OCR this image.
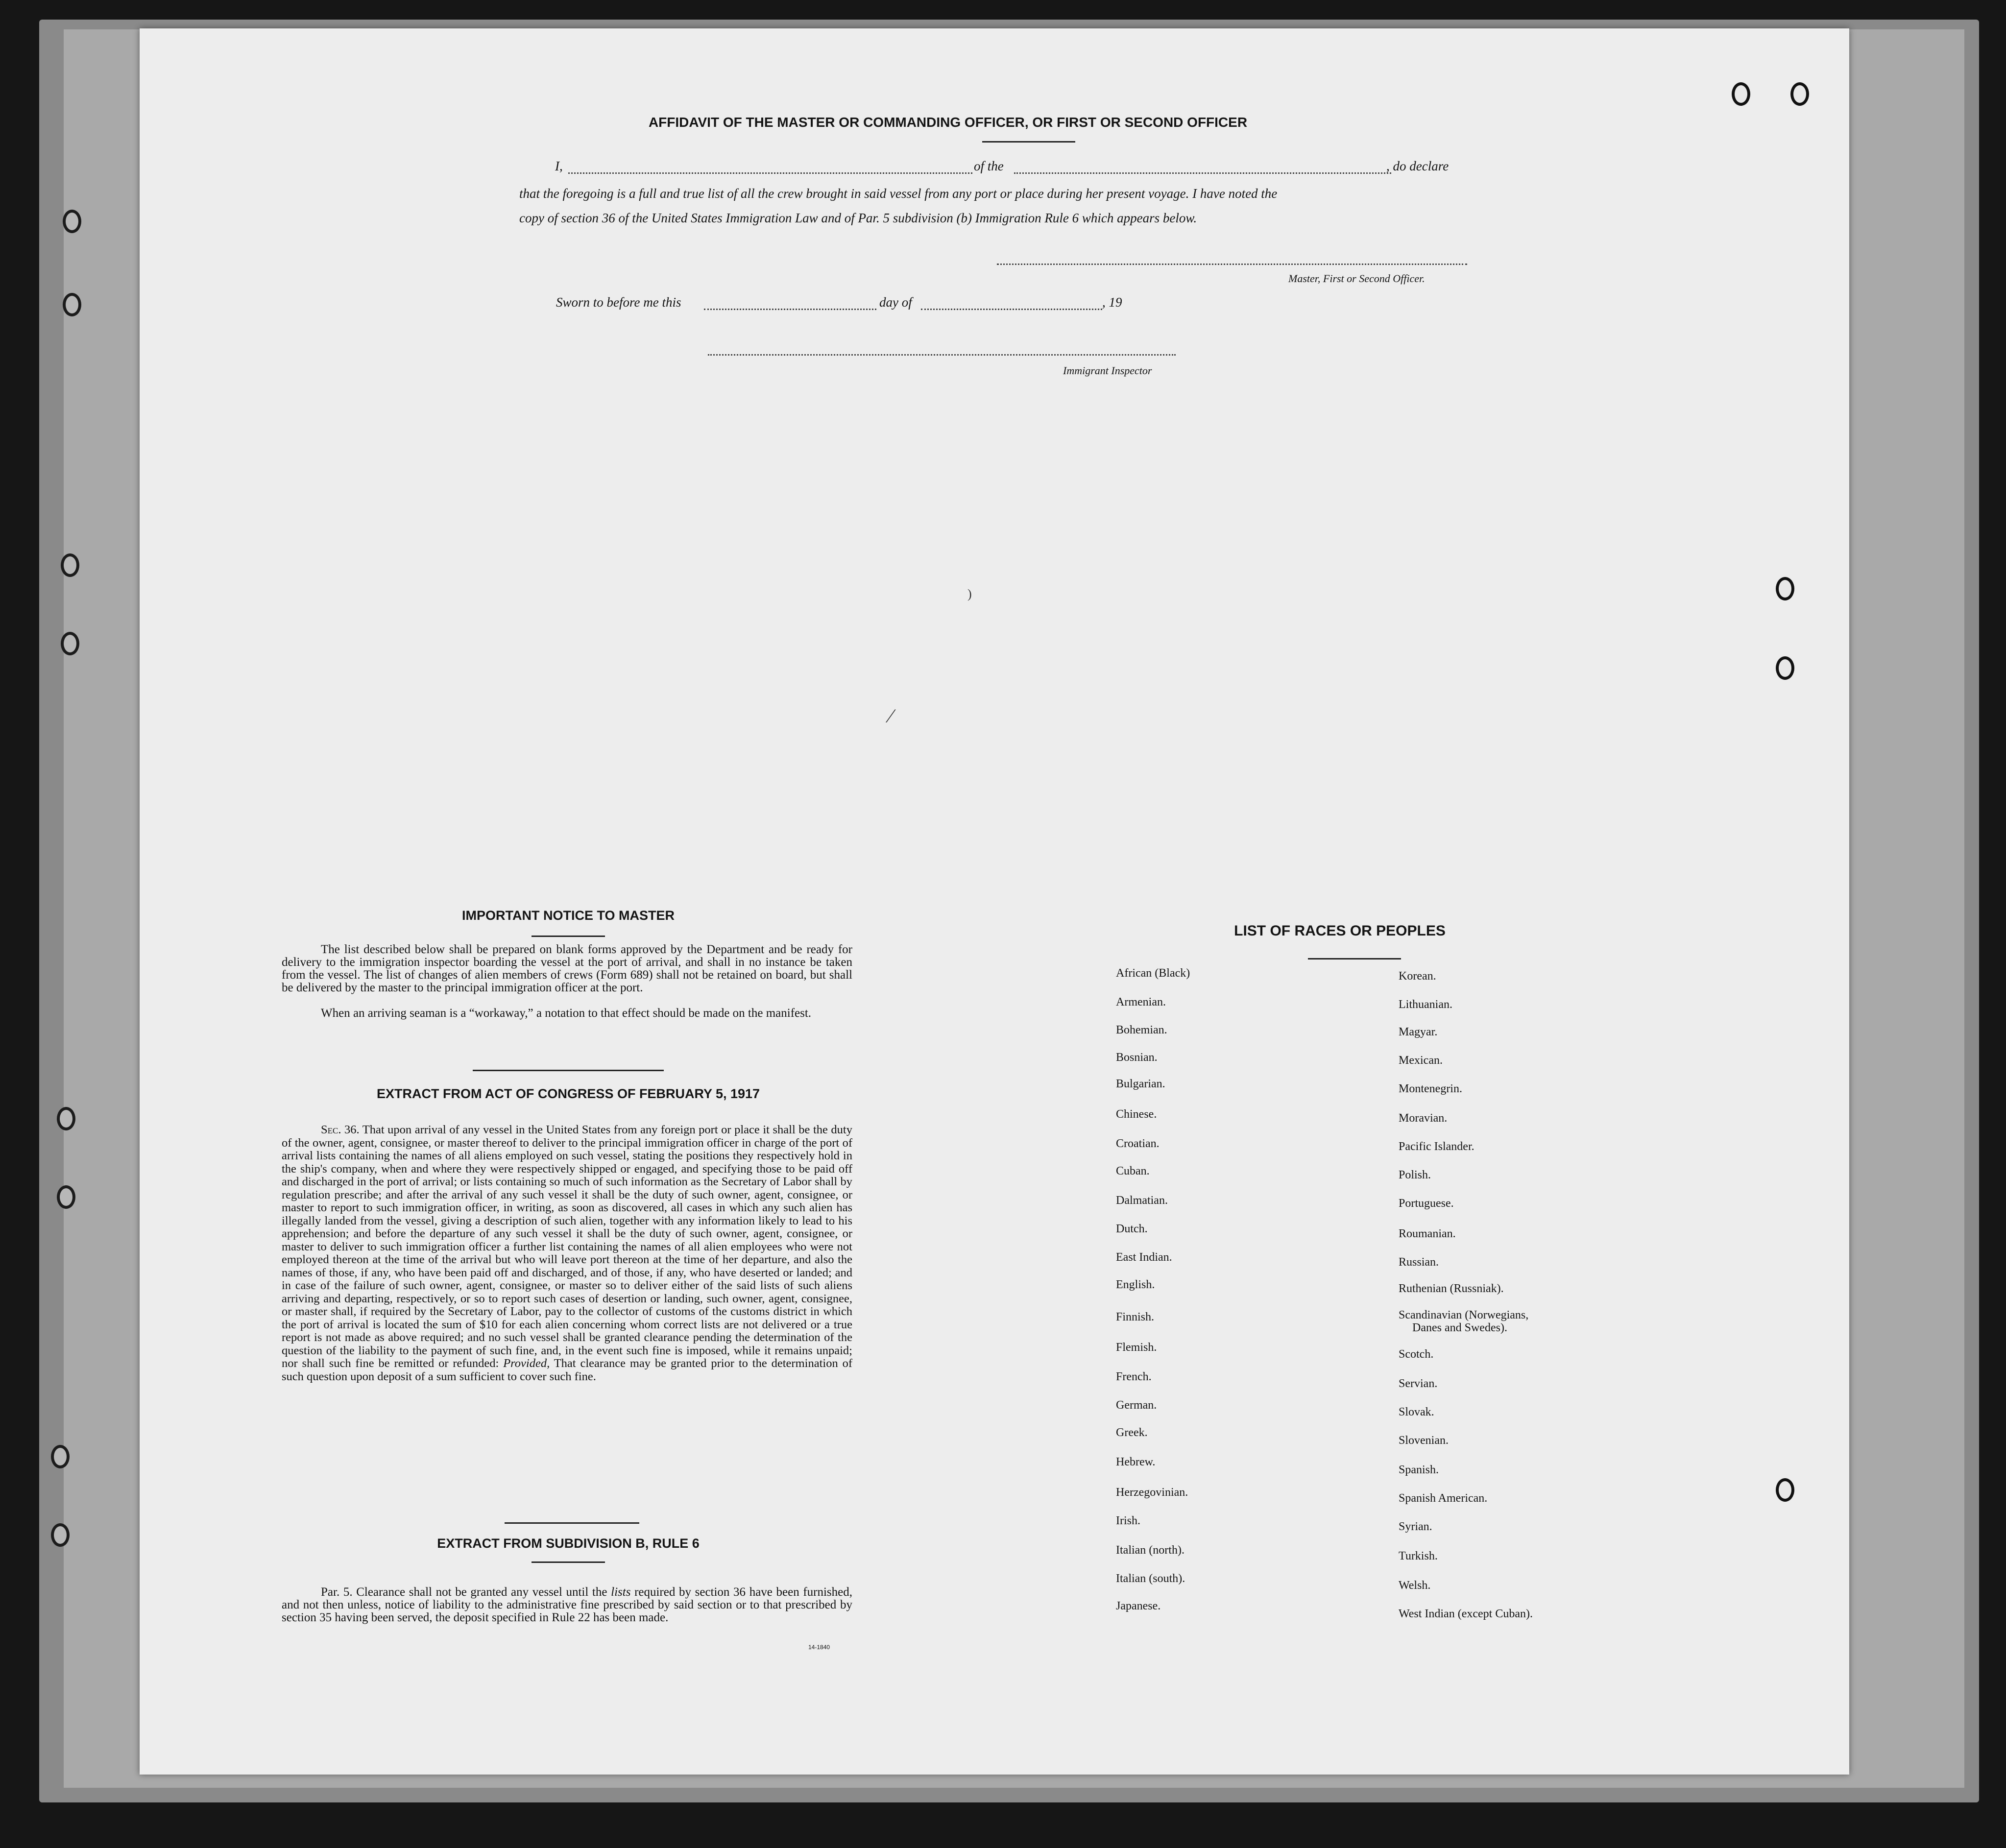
AFFIDAVIT OF THE MASTER OR COMMANDING OFFICER, OR FIRST OR SECOND OFFICER
I,	of the	, do declare
that the foregoing is a full and true list of all the crew brought in said vessel from any port or place during her present voyage. I have noted the
copy of section 36 of the United States Immigration Law and of Par. 5 subdivision (b) Immigration Rule 6 which appears below.
Master, First or Second Officer.
Sworn to before me this	day of	, 19
Immigrant Inspector
⁄
)
IMPORTANT NOTICE TO MASTER
The list described below shall be prepared on blank forms approved by the Department and be ready for delivery to the immigration inspector boarding the vessel at the port of arrival, and shall in no instance be taken from the vessel. The list of changes of alien members of crews (Form 689) shall not be retained on board, but shall be delivered by the master to the principal immigration officer at the port.
When an arriving seaman is a “workaway,” a notation to that effect should be made on the manifest.
EXTRACT FROM ACT OF CONGRESS OF FEBRUARY 5, 1917
Sec. 36. That upon arrival of any vessel in the United States from any foreign port or place it shall be the duty of the owner, agent, consignee, or master thereof to deliver to the principal immigration officer in charge of the port of arrival lists containing the names of all aliens employed on such vessel, stating the positions they respectively hold in the ship's company, when and where they were respectively shipped or engaged, and specifying those to be paid off and discharged in the port of arrival; or lists containing so much of such information as the Secretary of Labor shall by regulation prescribe; and after the arrival of any such vessel it shall be the duty of such owner, agent, consignee, or master to report to such immigration officer, in writing, as soon as discovered, all cases in which any such alien has illegally landed from the vessel, giving a description of such alien, together with any information likely to lead to his apprehension; and before the departure of any such vessel it shall be the duty of such owner, agent, consignee, or master to deliver to such immigration officer a further list containing the names of all alien employees who were not employed thereon at the time of the arrival but who will leave port thereon at the time of her departure, and also the names of those, if any, who have been paid off and discharged, and of those, if any, who have deserted or landed; and in case of the failure of such owner, agent, consignee, or master so to deliver either of the said lists of such aliens arriving and departing, respectively, or so to report such cases of desertion or landing, such owner, agent, consignee, or master shall, if required by the Secretary of Labor, pay to the collector of customs of the customs district in which the port of arrival is located the sum of $10 for each alien concerning whom correct lists are not delivered or a true report is not made as above required; and no such vessel shall be granted clearance pending the determination of the question of the liability to the payment of such fine, and, in the event such fine is imposed, while it remains unpaid; nor shall such fine be remitted or refunded: Provided, That clearance may be granted prior to the determination of such question upon deposit of a sum sufficient to cover such fine.
EXTRACT FROM SUBDIVISION B, RULE 6
Par. 5. Clearance shall not be granted any vessel until the lists required by section 36 have been furnished, and not then unless, notice of liability to the administrative fine prescribed by said section or to that prescribed by section 35 having been served, the deposit specified in Rule 22 has been made.
14-1840
LIST OF RACES OR PEOPLES
African (Black)
Armenian.
Bohemian.
Bosnian.
Bulgarian.
Chinese.
Croatian.
Cuban.
Dalmatian.
Dutch.
East Indian.
English.
Finnish.
Flemish.
French.
German.
Greek.
Hebrew.
Herzegovinian.
Irish.
Italian (north).
Italian (south).
Japanese.
Korean.
Lithuanian.
Magyar.
Mexican.
Montenegrin.
Moravian.
Pacific Islander.
Polish.
Portuguese.
Roumanian.
Russian.
Ruthenian (Russniak).
Scandinavian (Norwegians,
Danes and Swedes).
Scotch.
Servian.
Slovak.
Slovenian.
Spanish.
Spanish American.
Syrian.
Turkish.
Welsh.
West Indian (except Cuban).
